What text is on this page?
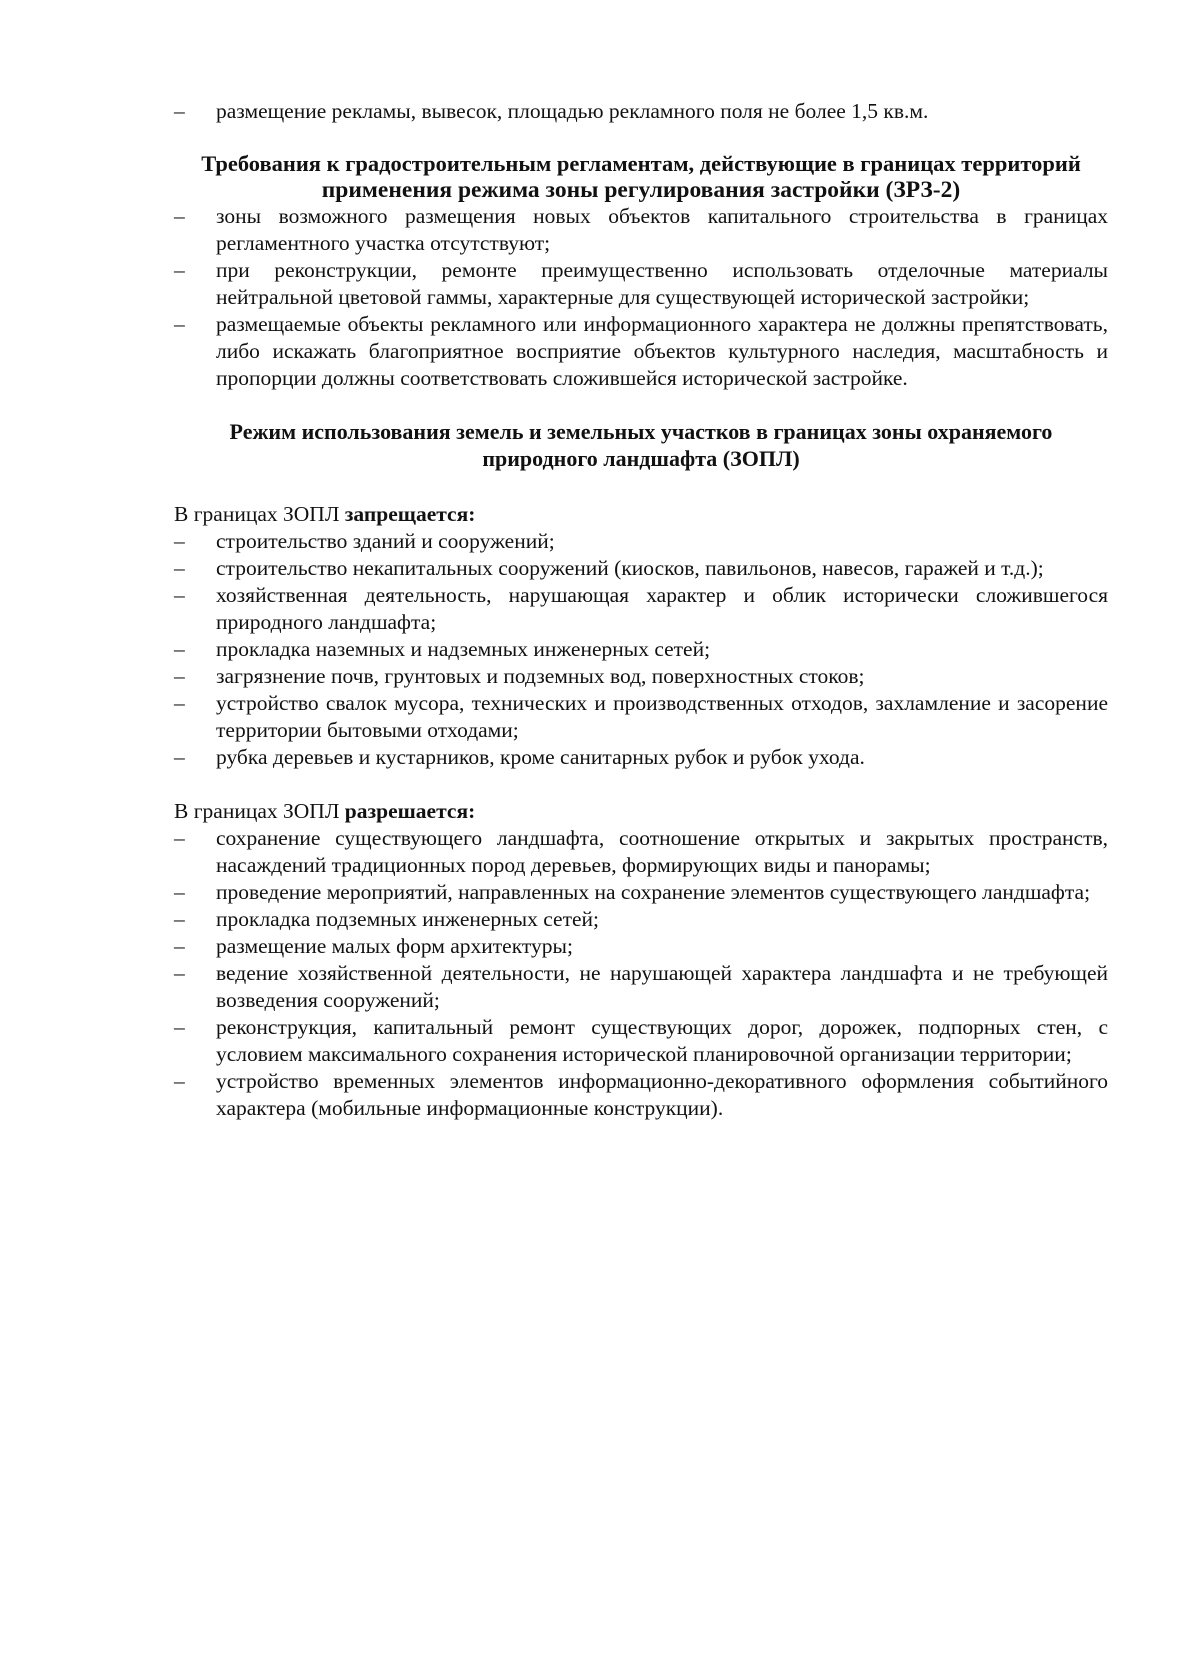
–	размещение рекламы, вывесок, площадью рекламного поля не более 1,5 кв.м.
Требования к градостроительным регламентам, действующие в границах территорий
применения режима зоны регулирования застройки (ЗРЗ-2)
–	зоны возможного размещения новых объектов капитального строительства в границах регламентного участка отсутствуют;
–	при реконструкции, ремонте преимущественно использовать отделочные материалы нейтральной цветовой гаммы, характерные для существующей исторической застройки;
–	размещаемые объекты рекламного или информационного характера не должны препятствовать, либо искажать благоприятное восприятие объектов культурного наследия, масштабность и пропорции должны соответствовать сложившейся исторической застройке.
Режим использования земель и земельных участков в границах зоны охраняемого
природного ландшафта (ЗОПЛ)
В границах ЗОПЛ запрещается:
–	строительство зданий и сооружений;
–	строительство некапитальных сооружений (киосков, павильонов, навесов, гаражей и т.д.);
–	хозяйственная деятельность, нарушающая характер и облик исторически сложившегося природного ландшафта;
–	прокладка наземных и надземных инженерных сетей;
–	загрязнение почв, грунтовых и подземных вод, поверхностных стоков;
–	устройство свалок мусора, технических и производственных отходов, захламление и засорение территории бытовыми отходами;
–	рубка деревьев и кустарников, кроме санитарных рубок и рубок ухода.
В границах ЗОПЛ разрешается:
–	сохранение существующего ландшафта, соотношение открытых и закрытых пространств, насаждений традиционных пород деревьев, формирующих виды и панорамы;
–	проведение мероприятий, направленных на сохранение элементов существующего ландшафта;
–	прокладка подземных инженерных сетей;
–	размещение малых форм архитектуры;
–	ведение хозяйственной деятельности, не нарушающей характера ландшафта и не требующей возведения сооружений;
–	реконструкция, капитальный ремонт существующих дорог, дорожек, подпорных стен, с условием максимального сохранения исторической планировочной организации территории;
–	устройство временных элементов информационно-декоративного оформления событийного характера (мобильные информационные конструкции).
